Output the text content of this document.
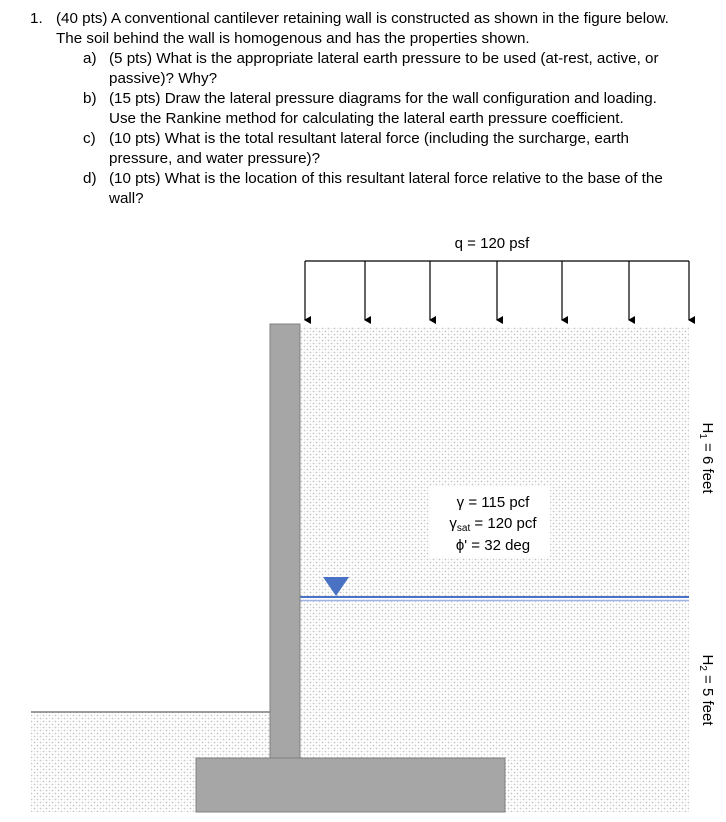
1. (40 pts) A conventional cantilever retaining wall is constructed as shown in the figure below.
The soil behind the wall is homogenous and has the properties shown.
a) (5 pts) What is the appropriate lateral earth pressure to be used (at-rest, active, or
passive)? Why?
b) (15 pts) Draw the lateral pressure diagrams for the wall configuration and loading.
Use the Rankine method for calculating the lateral earth pressure coefficient.
c) (10 pts) What is the total resultant lateral force (including the surcharge, earth
pressure, and water pressure)?
d) (10 pts) What is the location of this resultant lateral force relative to the base of the
wall?
q = 120 psf
γ = 115 pcf
$\gamma_{sat} = 120$ pcf
ϕ' = 32 deg
$H_1 = 6$ feet
$H_2 = 5$ feet
